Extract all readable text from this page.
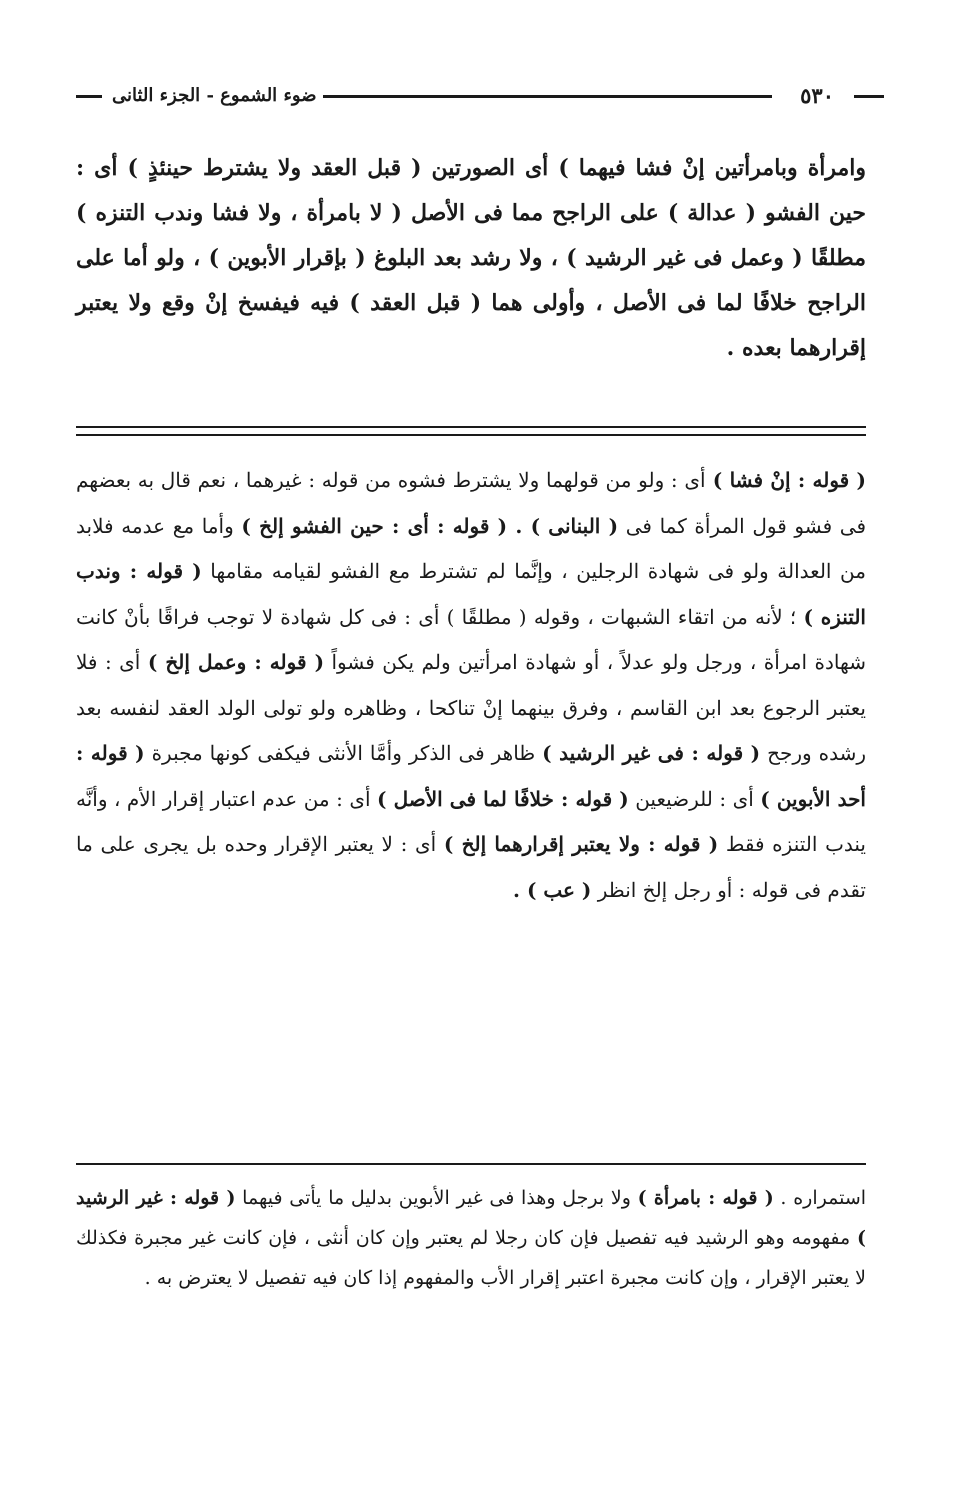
٥٣٠
ضوء الشموع - الجزء الثانى

وامرأة وبامرأتين إنْ فشا فيهما ) أى الصورتين ( قبل العقد ولا يشترط حينئذٍ ) أى : حين الفشو ( عدالة ) على الراجح مما فى الأصل ( لا بامرأة ، ولا فشا وندب التنزه ) مطلقًا ( وعمل فى غير الرشيد ) ، ولا رشد بعد البلوغ ( بإقرار الأبوين ) ، ولو أما على الراجح خلافًا لما فى الأصل ، وأولى هما ( قبل العقد ) فيه فيفسخ إنْ وقع ولا يعتبر إقرارهما بعده .

( قوله : إنْ فشا ) أى : ولو من قولهما ولا يشترط فشوه من قوله : غيرهما ، نعم قال به بعضهم فى فشو قول المرأة كما فى ( البنانى ) . ( قوله : أى : حين الفشو إلخ ) وأما مع عدمه فلابد من العدالة ولو فى شهادة الرجلين ، وإنَّما لم تشترط مع الفشو لقيامه مقامها ( قوله : وندب التنزه ) ؛ لأنه من اتقاء الشبهات ، وقوله ( مطلقًا ) أى : فى كل شهادة لا توجب فراقًا بأنْ كانت شهادة امرأة ، ورجل ولو عدلاً ، أو شهادة امرأتين ولم يكن فشواً ( قوله : وعمل إلخ ) أى : فلا يعتبر الرجوع بعد ابن القاسم ، وفرق بينهما إنْ تناكحا ، وظاهره ولو تولى الولد العقد لنفسه بعد رشده ورجح ( قوله : فى غير الرشيد ) ظاهر فى الذكر وأمَّا الأنثى فيكفى كونها مجبرة ( قوله : أحد الأبوين ) أى : للرضيعين ( قوله : خلافًا لما فى الأصل ) أى : من عدم اعتبار إقرار الأم ، وأنَّه يندب التنزه فقط ( قوله : ولا يعتبر إقرارهما إلخ ) أى : لا يعتبر الإقرار وحده بل يجرى على ما تقدم فى قوله : أو رجل إلخ انظر ( عب ) .

استمراره . ( قوله : بامرأة ) ولا برجل وهذا فى غير الأبوين بدليل ما يأتى فيهما ( قوله : غير الرشيد ) مفهومه وهو الرشيد فيه تفصيل فإن كان رجلا لم يعتبر وإن كان أنثى ، فإن كانت غير مجبرة فكذلك لا يعتبر الإقرار ، وإن كانت مجبرة اعتبر إقرار الأب والمفهوم إذا كان فيه تفصيل لا يعترض به .
